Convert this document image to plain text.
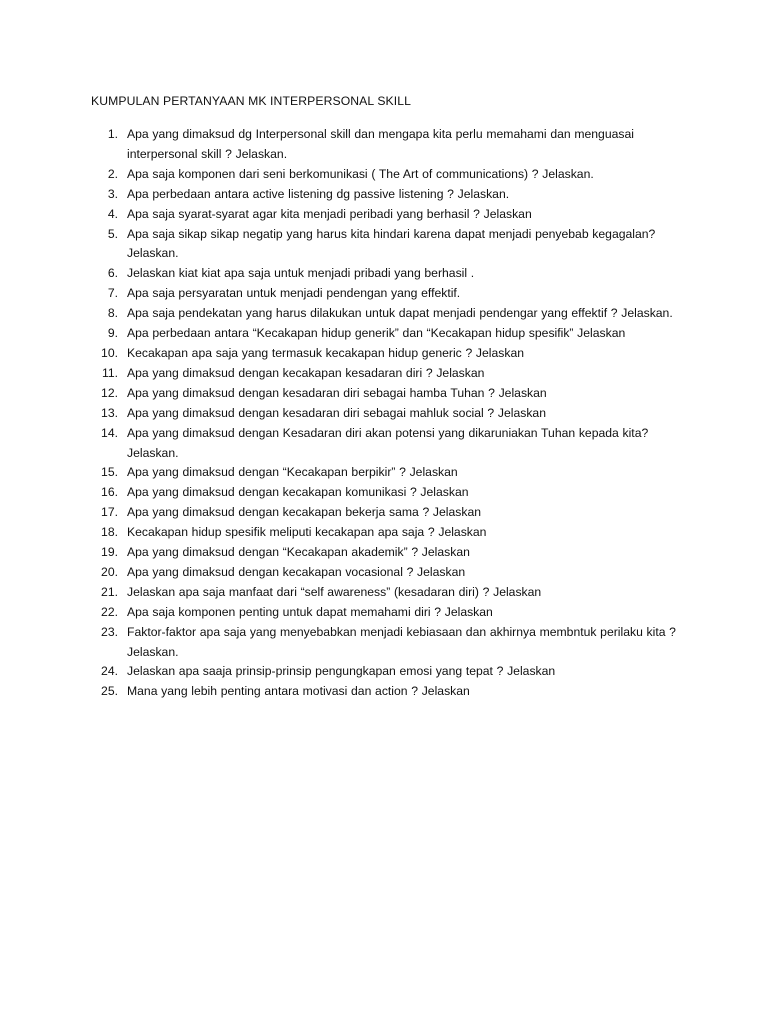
KUMPULAN PERTANYAAN MK INTERPERSONAL SKILL
1. Apa yang dimaksud dg Interpersonal skill dan mengapa kita perlu memahami dan menguasai interpersonal skill ? Jelaskan.
2. Apa saja komponen dari seni berkomunikasi ( The Art of communications) ? Jelaskan.
3. Apa perbedaan antara active listening dg passive listening ? Jelaskan.
4. Apa saja syarat-syarat agar kita menjadi peribadi yang berhasil ? Jelaskan
5. Apa saja sikap sikap negatip yang harus kita hindari karena dapat menjadi penyebab kegagalan? Jelaskan.
6. Jelaskan kiat kiat apa saja untuk menjadi pribadi yang berhasil .
7. Apa saja persyaratan untuk menjadi pendengan yang effektif.
8. Apa saja pendekatan yang harus dilakukan untuk dapat menjadi pendengar yang effektif ? Jelaskan.
9. Apa perbedaan antara “Kecakapan hidup generik” dan “Kecakapan hidup spesifik” Jelaskan
10. Kecakapan apa saja yang termasuk kecakapan hidup generic ? Jelaskan
11. Apa yang dimaksud dengan kecakapan kesadaran diri ? Jelaskan
12. Apa yang dimaksud dengan kesadaran diri sebagai hamba Tuhan ? Jelaskan
13. Apa yang dimaksud dengan kesadaran diri sebagai mahluk social ? Jelaskan
14. Apa yang dimaksud dengan Kesadaran diri akan potensi yang dikaruniakan Tuhan kepada kita? Jelaskan.
15. Apa yang dimaksud dengan “Kecakapan berpikir” ? Jelaskan
16. Apa yang dimaksud dengan kecakapan komunikasi ? Jelaskan
17. Apa yang dimaksud dengan kecakapan bekerja sama ? Jelaskan
18. Kecakapan hidup spesifik meliputi kecakapan apa saja ? Jelaskan
19. Apa yang dimaksud dengan “Kecakapan akademik” ? Jelaskan
20. Apa yang dimaksud dengan kecakapan vocasional ? Jelaskan
21. Jelaskan apa saja manfaat dari “self awareness” (kesadaran diri) ? Jelaskan
22. Apa saja komponen penting untuk dapat memahami diri ? Jelaskan
23. Faktor-faktor apa saja yang menyebabkan menjadi kebiasaan dan akhirnya membntuk perilaku kita ? Jelaskan.
24. Jelaskan apa saaja prinsip-prinsip pengungkapan emosi yang tepat ? Jelaskan
25. Mana yang lebih penting antara motivasi dan action ? Jelaskan
